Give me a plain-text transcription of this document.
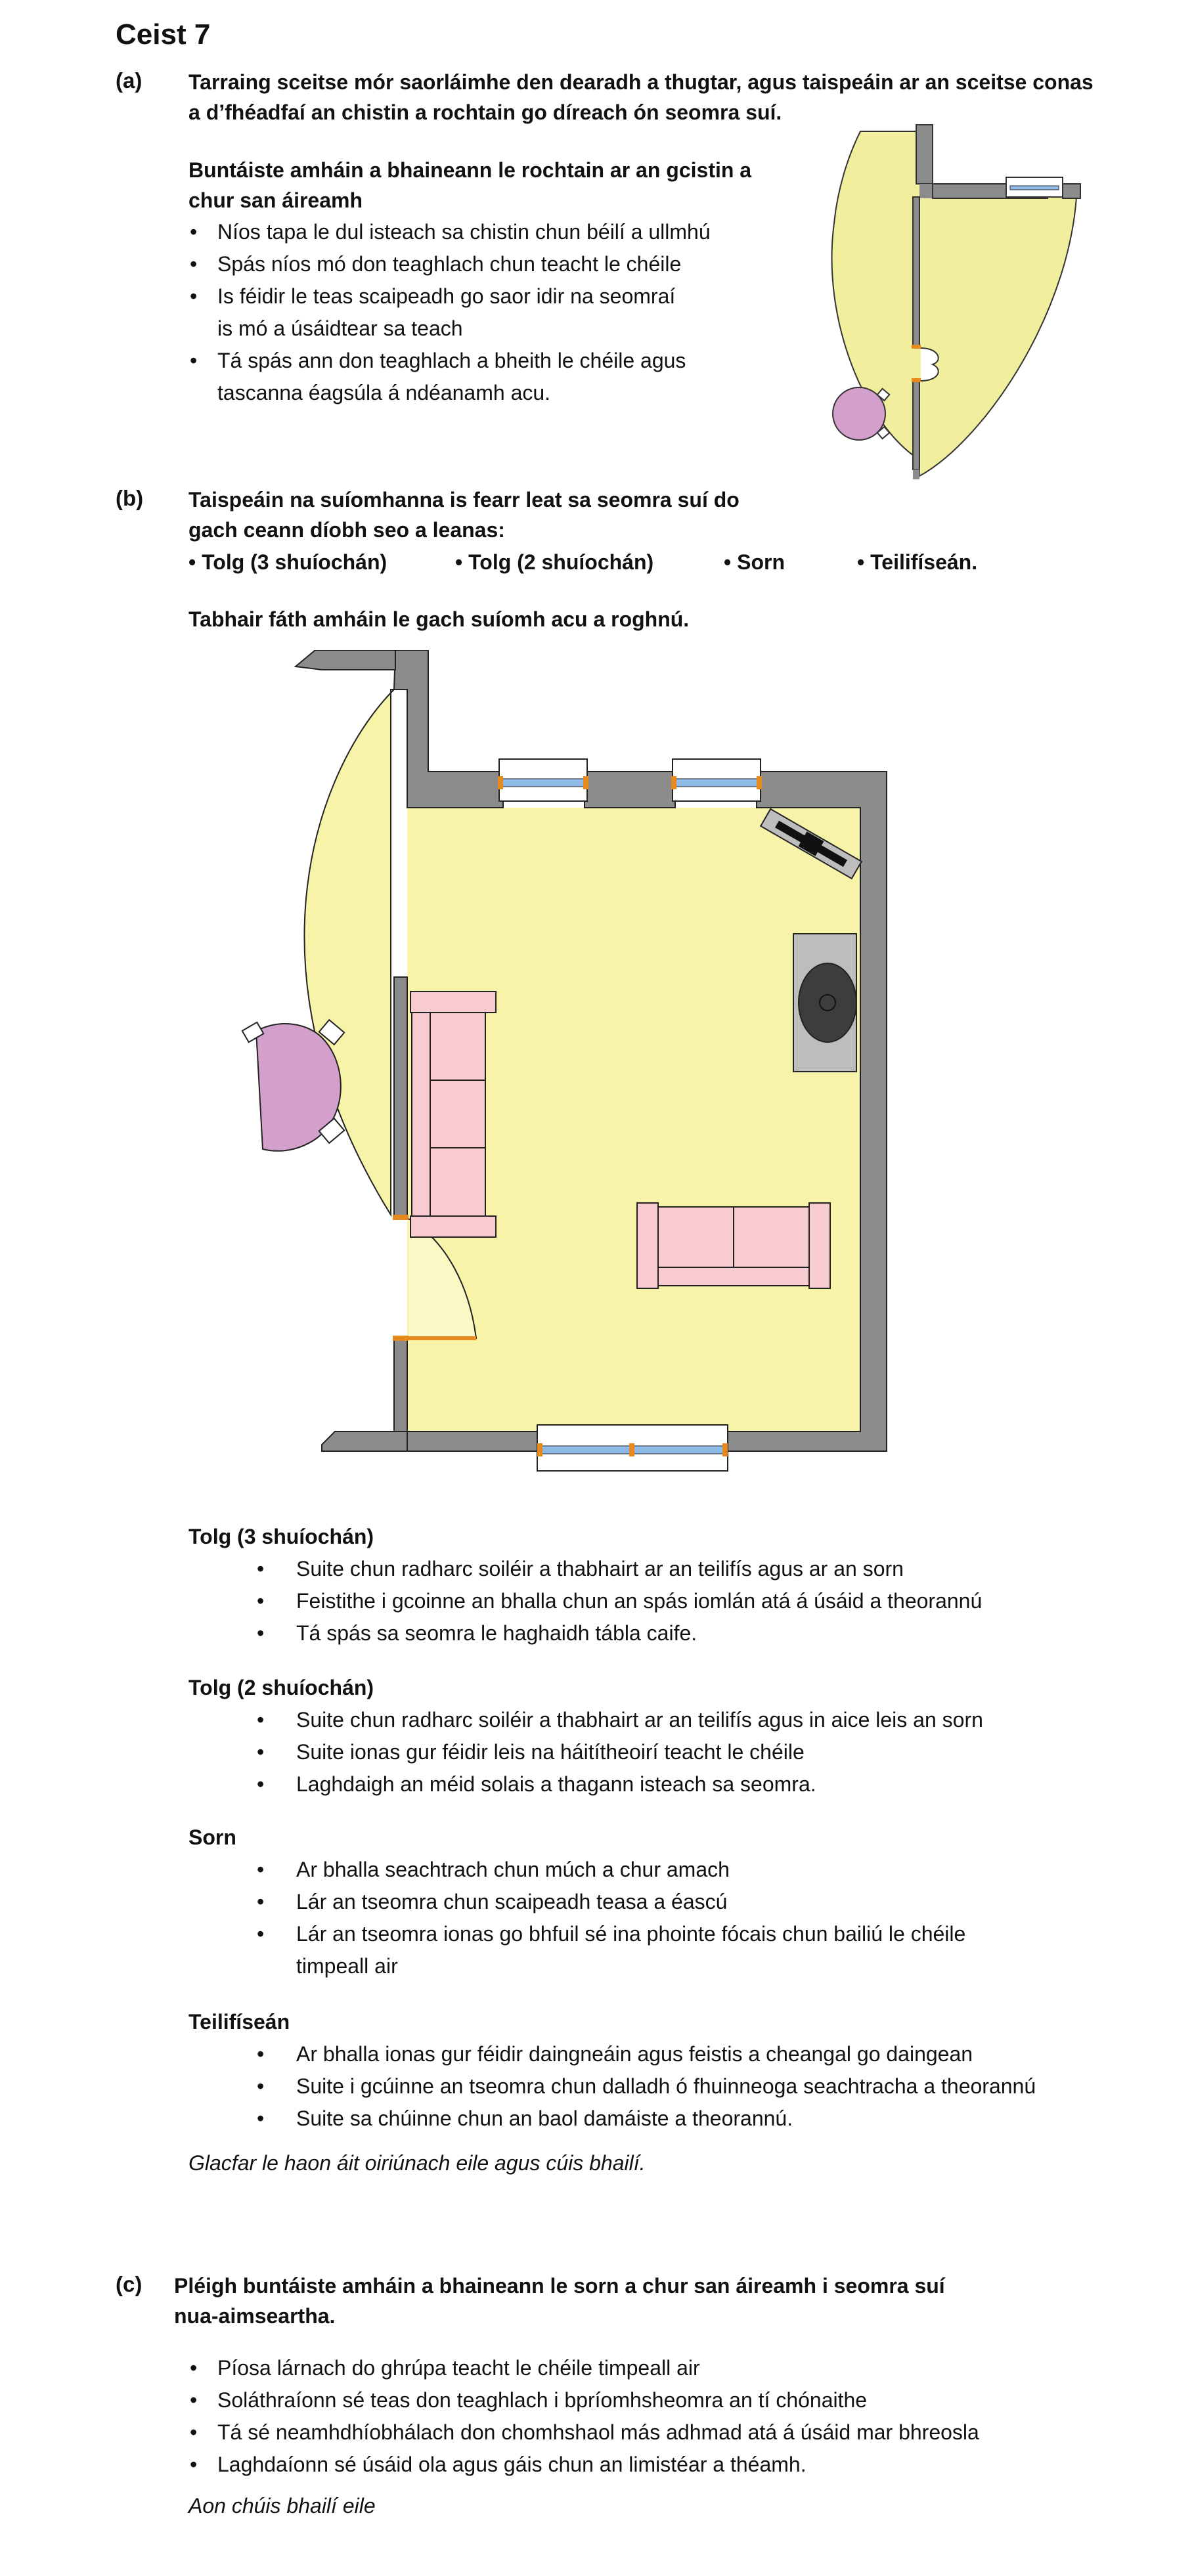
Ceist 7
(a) Tarraing sceitse mór saorláimhe den dearadh a thugtar, agus taispeáin ar an sceitse conas
a d’fhéadfaí an chistin a rochtain go díreach ón seomra suí.
Buntáiste amháin a bhaineann le rochtain ar an gcistin a
chur san áireamh
• Níos tapa le dul isteach sa chistin chun béilí a ullmhú
• Spás níos mó don teaghlach chun teacht le chéile
• Is féidir le teas scaipeadh go saor idir na seomraí
is mó a úsáidtear sa teach
• Tá spás ann don teaghlach a bheith le chéile agus
tascanna éagsúla á ndéanamh acu.
(b) Taispeáin na suíomhanna is fearr leat sa seomra suí do
gach ceann díobh seo a leanas:
• Tolg (3 shuíochán)	• Tolg (2 shuíochán)	• Sorn	• Teilifíseán.
Tabhair fáth amháin le gach suíomh acu a roghnú.
Tolg (3 shuíochán)
• Suite chun radharc soiléir a thabhairt ar an teilifís agus ar an sorn
• Feistithe i gcoinne an bhalla chun an spás iomlán atá á úsáid a theorannú
• Tá spás sa seomra le haghaidh tábla caife.
Tolg (2 shuíochán)
• Suite chun radharc soiléir a thabhairt ar an teilifís agus in aice leis an sorn
• Suite ionas gur féidir leis na háitítheoirí teacht le chéile
• Laghdaigh an méid solais a thagann isteach sa seomra.
Sorn
• Ar bhalla seachtrach chun múch a chur amach
• Lár an tseomra chun scaipeadh teasa a éascú
• Lár an tseomra ionas go bhfuil sé ina phointe fócais chun bailiú le chéile
timpeall air
Teilifíseán
• Ar bhalla ionas gur féidir daingneáin agus feistis a cheangal go daingean
• Suite i gcúinne an tseomra chun dalladh ó fhuinneoga seachtracha a theorannú
• Suite sa chúinne chun an baol damáiste a theorannú.
Glacfar le haon áit oiriúnach eile agus cúis bhailí.
(c) Pléigh buntáiste amháin a bhaineann le sorn a chur san áireamh i seomra suí
nua-aimseartha.
• Píosa lárnach do ghrúpa teacht le chéile timpeall air
• Soláthraíonn sé teas don teaghlach i bpríomhsheomra an tí chónaithe
• Tá sé neamhdhíobhálach don chomhshaol más adhmad atá á úsáid mar bhreosla
• Laghdaíonn sé úsáid ola agus gáis chun an limistéar a théamh.
Aon chúis bhailí eile
